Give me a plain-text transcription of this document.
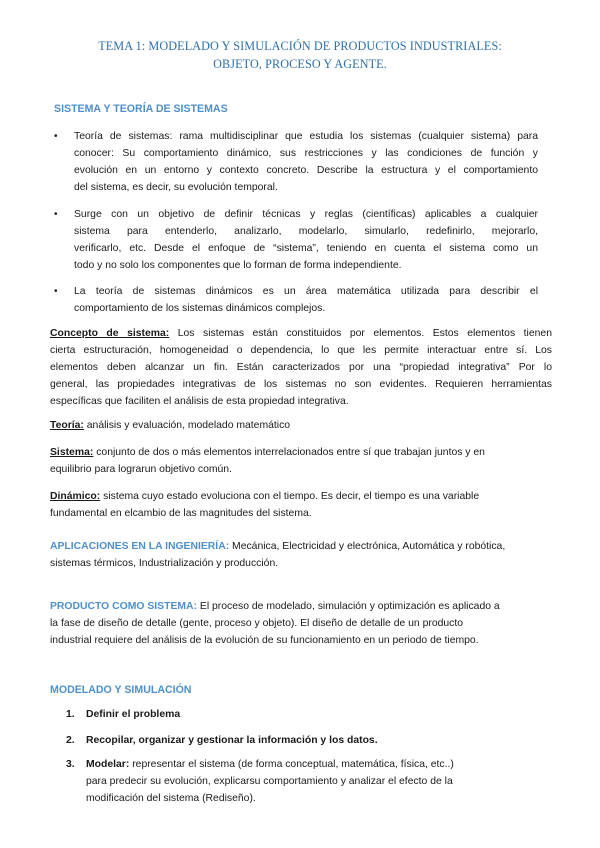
TEMA 1: MODELADO Y SIMULACIÓN DE PRODUCTOS INDUSTRIALES:
OBJETO, PROCESO Y AGENTE.
SISTEMA Y TEORÍA DE SISTEMAS
• Teoría de sistemas: rama multidisciplinar que estudia los sistemas (cualquier sistema) para
conocer: Su comportamiento dinámico, sus restricciones y las condiciones de función y
evolución en un entorno y contexto concreto. Describe la estructura y el comportamiento
del sistema, es decir, su evolución temporal.
• Surge con un objetivo de definir técnicas y reglas (científicas) aplicables a cualquier
sistema para entenderlo, analizarlo, modelarlo, simularlo, redefinirlo, mejorarlo,
verificarlo, etc. Desde el enfoque de “sistema”, teniendo en cuenta el sistema como un
todo y no solo los componentes que lo forman de forma independiente.
• La teoría de sistemas dinámicos es un área matemática utilizada para describir el
comportamiento de los sistemas dinámicos complejos.
Concepto de sistema: Los sistemas están constituidos por elementos. Estos elementos tienen
cierta estructuración, homogeneidad o dependencia, lo que les permite interactuar entre sí. Los
elementos deben alcanzar un fin. Están caracterizados por una “propiedad integrativa” Por lo
general, las propiedades integrativas de los sistemas no son evidentes. Requieren herramientas
específicas que faciliten el análisis de esta propiedad integrativa.
Teoría: análisis y evaluación, modelado matemático
Sistema: conjunto de dos o más elementos interrelacionados entre sí que trabajan juntos y en
equilibrio para lograrun objetivo común.
Dinámico: sistema cuyo estado evoluciona con el tiempo. Es decir, el tiempo es una variable
fundamental en elcambio de las magnitudes del sistema.
APLICACIONES EN LA INGENIERÍA: Mecánica, Electricidad y electrónica, Automática y robótica,
sistemas térmicos, Industrialización y producción.
PRODUCTO COMO SISTEMA: El proceso de modelado, simulación y optimización es aplicado a
la fase de diseño de detalle (gente, proceso y objeto). El diseño de detalle de un producto
industrial requiere del análisis de la evolución de su funcionamiento en un periodo de tiempo.
MODELADO Y SIMULACIÓN
1. Definir el problema
2. Recopilar, organizar y gestionar la información y los datos.
3. Modelar: representar el sistema (de forma conceptual, matemática, física, etc..)
para predecir su evolución, explicarsu comportamiento y analizar el efecto de la
modificación del sistema (Rediseño).
